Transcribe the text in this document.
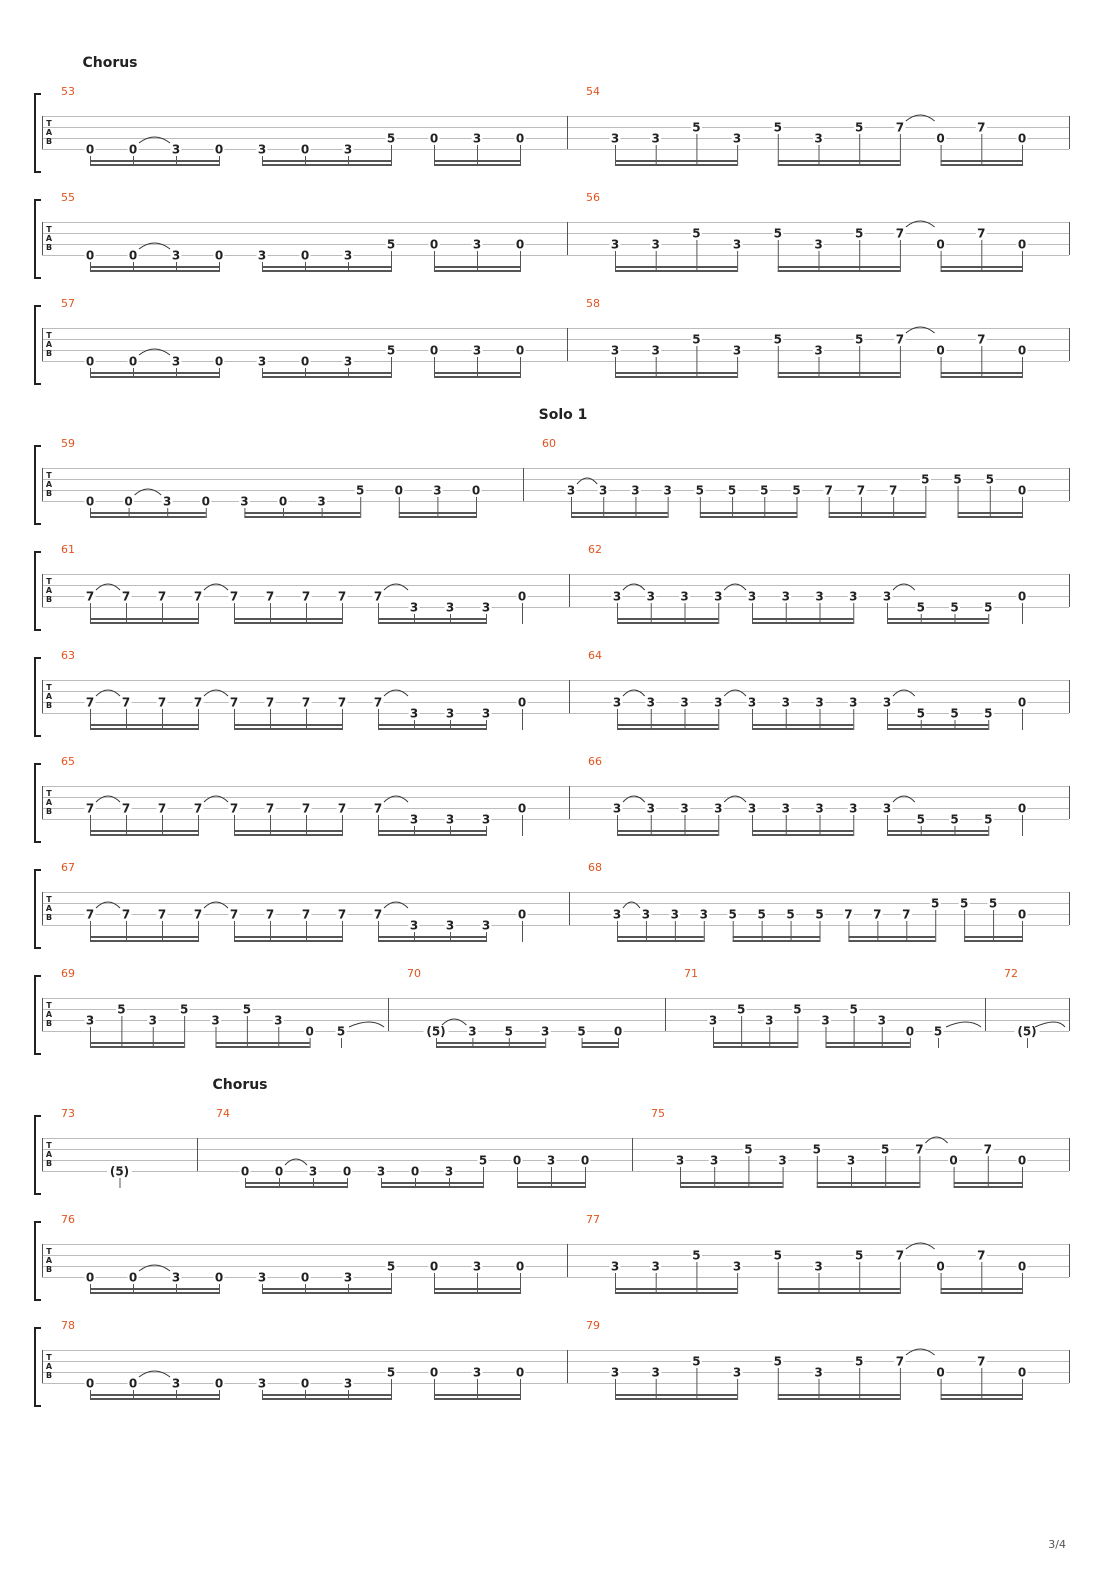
T
A
B
Chorus
53
0	0	3	0	3	0	3
5	0	3	0
54
3	3
5
3
5
3
5	7
0
7
0
T
A
B
55
0	0	3	0	3	0	3
5	0	3	0
56
3	3
5
3
5
3
5	7
0
7
0
T
A
B
57
0	0	3	0	3	0	3
5	0	3	0
58
3	3
5
3
5
3
5	7
0
7
0
T
A
B
Solo 1
59
0	0	3	0	3	0	3
5	0	3	0
60
3 3 3 3 5 5 5 5 7 7 7
5 5 5
0
T
A
B
61
7 7 7 7 7 7 7 7 7
3 3 3
0
62
3 3 3 3 3 3 3 3 3
5 5 5
0
T
A
B
63
7 7 7 7 7 7 7 7 7
3 3 3
0
64
3 3 3 3 3 3 3 3 3
5 5 5
0
T
A
B
65
7 7 7 7 7 7 7 7 7
3 3 3
0
66
3 3 3 3 3 3 3 3 3
5 5 5
0
T
A
B
67
7 7 7 7 7 7 7 7 7
3 3 3
0
68
3 3 3 3 5 5 5 5 7 7 7
5 5 5
0
T
A
B
69
3
5
3
5
3
5
3
0 5
70
(5) 3 5 3 5 0
71
3
5
3
5
3
5
3
0 5
72
(5)
T
A
B
Chorus
73
(5)
74
0 0 3 0 3 0 3
5 0 3 0
75
3 3
5
3
5
3
5 7
0
7
0
T
A
B
76
0	0	3	0	3	0	3
5	0	3	0
77
3	3
5
3
5
3
5	7
0
7
0
T
A
B
78
0	0	3	0	3	0	3
5	0	3	0
79
3	3
5
3
5
3
5	7
0
7
0
3/4
